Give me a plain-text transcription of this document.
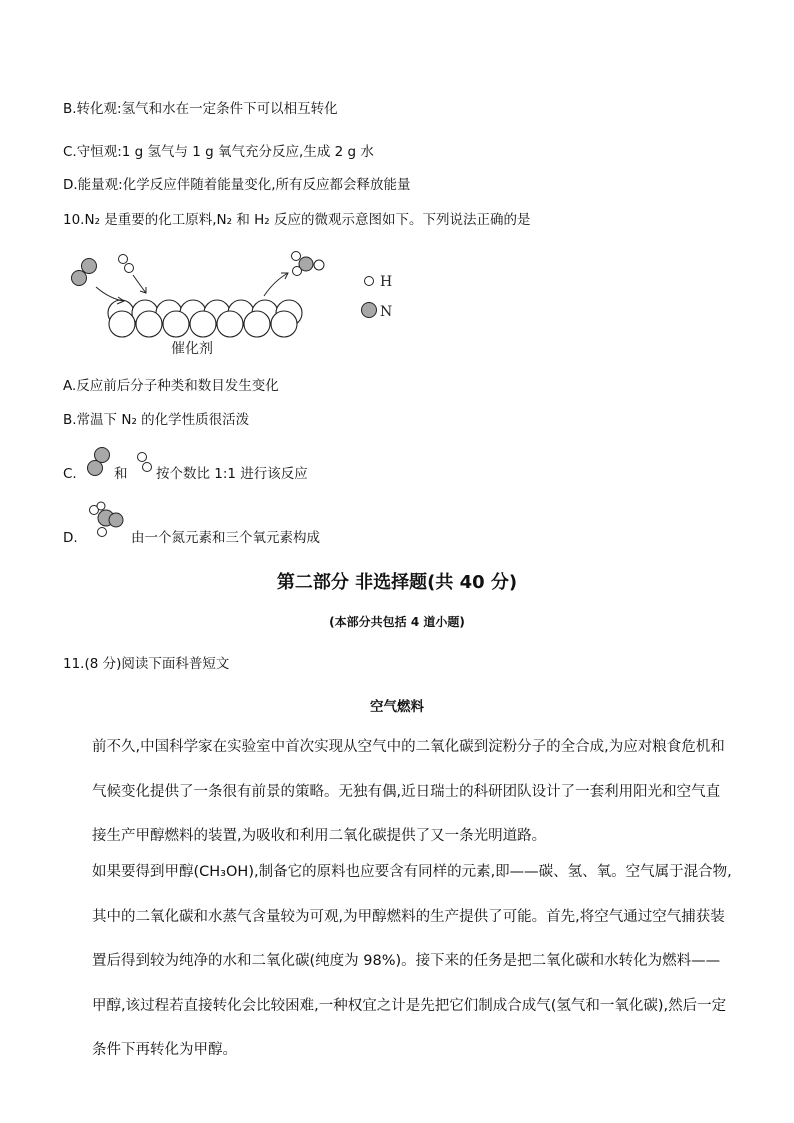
B.转化观:氢气和水在一定条件下可以相互转化
C.守恒观:1 g 氢气与 1 g 氧气充分反应,生成 2 g 水
D.能量观:化学反应伴随着能量变化,所有反应都会释放能量
10.N₂ 是重要的化工原料,N₂ 和 H₂ 反应的微观示意图如下。下列说法正确的是
催化剂
H
N
A.反应前后分子种类和数目发生变化
B.常温下 N₂ 的化学性质很活泼
C.	和 按个数比 1:1 进行该反应
D.	由一个氮元素和三个氧元素构成
第二部分 非选择题(共 40 分)
(本部分共包括 4 道小题)
11.(8 分)阅读下面科普短文
空气燃料
前不久,中国科学家在实验室中首次实现从空气中的二氧化碳到淀粉分子的全合成,为应对粮食危机和气候变化提供了一条很有前景的策略。无独有偶,近日瑞士的科研团队设计了一套利用阳光和空气直接生产甲醇燃料的装置,为吸收和利用二氧化碳提供了又一条光明道路。
如果要得到甲醇(CH₃OH),制备它的原料也应要含有同样的元素,即——碳、氢、氧。空气属于混合物,其中的二氧化碳和水蒸气含量较为可观,为甲醇燃料的生产提供了可能。首先,将空气通过空气捕获装置后得到较为纯净的水和二氧化碳(纯度为 98%)。接下来的任务是把二氧化碳和水转化为燃料——甲醇,该过程若直接转化会比较困难,一种权宜之计是先把它们制成合成气(氢气和一氧化碳),然后一定条件下再转化为甲醇。
